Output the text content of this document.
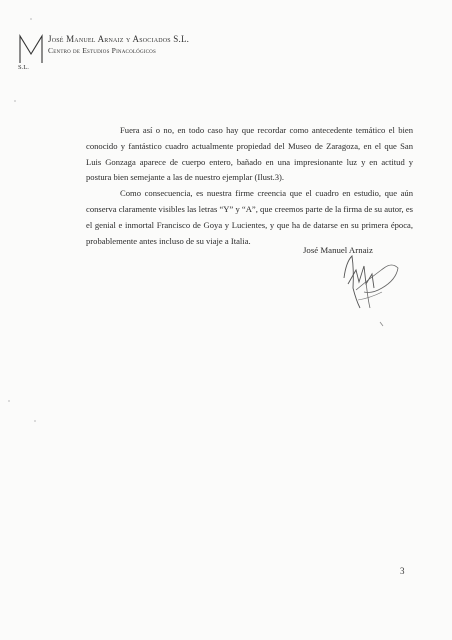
S.L.
José Manuel Arnaiz y Asociados S.L.
Centro de Estudios Pinacológicos

Fuera así o no, en todo caso hay que recordar como antecedente temático el bien conocido y fantástico cuadro actualmente propiedad del Museo de Zaragoza, en el que San Luis Gonzaga aparece de cuerpo entero, bañado en una impresionante luz y en actitud y postura bien semejante a las de nuestro ejemplar (Ilust.3).

Como consecuencia, es nuestra firme creencia que el cuadro en estudio, que aún conserva claramente visibles las letras “Y” y “A”, que creemos parte de la firma de su autor, es el genial e inmortal Francisco de Goya y Lucientes, y que ha de datarse en su primera época, probablemente antes incluso de su viaje a Italia.

José Manuel Arnaiz
3
